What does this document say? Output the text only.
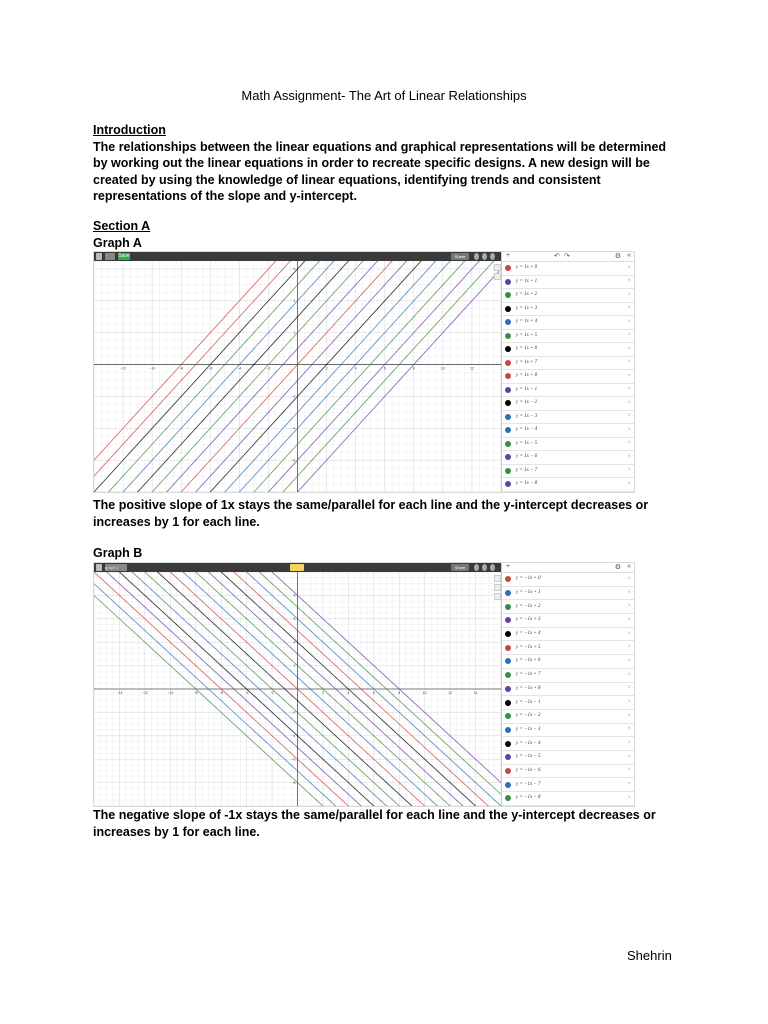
Math Assignment- The Art of Linear Relationships
Introduction
The relationships between the linear equations and graphical representations will be determined by working out the linear equations in order to recreate specific designs. A new design will be created by using the knowledge of linear equations, identifying trends and consistent representations of the slope and y-intercept.
Section A
Graph A
Save	Share
−12	−10	−8	−6	−4	−2	2	4	6	8	10	12
−6
−4
−2
2
4
6
+	↶ ↷	⚙ «
y = 1x + 0	×
y = 1x + 1	×
y = 1x + 2	×
y = 1x + 3	×
y = 1x + 4	×
y = 1x + 5	×
y = 1x + 6	×
y = 1x + 7	×
y = 1x + 8	×
y = 1x − 1	×
y = 1x − 2	×
y = 1x − 3	×
y = 1x − 4	×
y = 1x − 5	×
y = 1x − 6	×
y = 1x − 7	×
y = 1x − 8	×
The positive slope of 1x stays the same/parallel for each line and the y-intercept decreases or increases by 1 for each line.
Graph B
graph 1	Share
−14	−12	−10	−8	−6	−4	−2	2	4	6	8	10	12	14
−8
−6
−4
−2
2
4
6
8
+	⚙ «
y = −1x + 0	×
y = −1x + 1	×
y = −1x + 2	×
y = −1x + 3	×
y = −1x + 4	×
y = −1x + 5	×
y = −1x + 6	×
y = −1x + 7	×
y = −1x + 8	×
y = −1x − 1	×
y = −1x − 2	×
y = −1x − 3	×
y = −1x − 4	×
y = −1x − 5	×
y = −1x − 6	×
y = −1x − 7	×
y = −1x − 8	×
The negative slope of -1x stays the same/parallel for each line and the y-intercept decreases or increases by 1 for each line.
Shehrin
